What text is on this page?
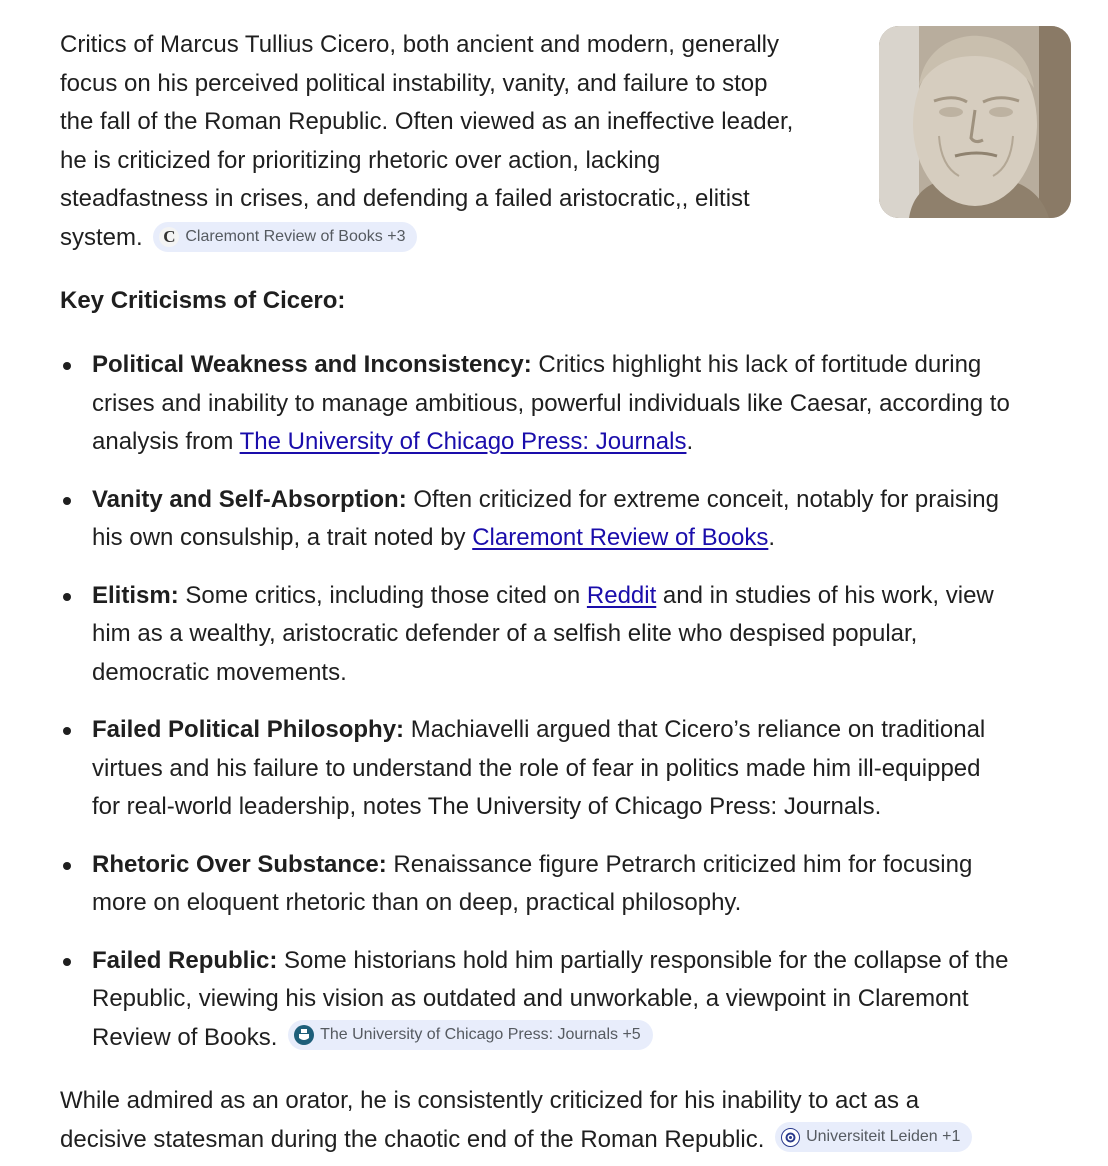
Critics of Marcus Tullius Cicero, both ancient and modern, generally
focus on his perceived political instability, vanity, and failure to stop
the fall of the Roman Republic. Often viewed as an ineffective leader,
he is criticized for prioritizing rhetoric over action, lacking
steadfastness in crises, and defending a failed aristocratic,, elitist
system. C Claremont Review of Books +3

Key Criticisms of Cicero:
Political Weakness and Inconsistency: Critics highlight his lack of fortitude during
crises and inability to manage ambitious, powerful individuals like Caesar, according to
analysis from The University of Chicago Press: Journals.
Vanity and Self-Absorption: Often criticized for extreme conceit, notably for praising
his own consulship, a trait noted by Claremont Review of Books.
Elitism: Some critics, including those cited on Reddit and in studies of his work, view
him as a wealthy, aristocratic defender of a selfish elite who despised popular,
democratic movements.
Failed Political Philosophy: Machiavelli argued that Cicero’s reliance on traditional
virtues and his failure to understand the role of fear in politics made him ill-equipped
for real-world leadership, notes The University of Chicago Press: Journals.
Rhetoric Over Substance: Renaissance figure Petrarch criticized him for focusing
more on eloquent rhetoric than on deep, practical philosophy.
Failed Republic: Some historians hold him partially responsible for the collapse of the
Republic, viewing his vision as outdated and unworkable, a viewpoint in Claremont
Review of Books.	The University of Chicago Press: Journals +5

While admired as an orator, he is consistently criticized for his inability to act as a
decisive statesman during the chaotic end of the Roman Republic.	Universiteit Leiden +1
